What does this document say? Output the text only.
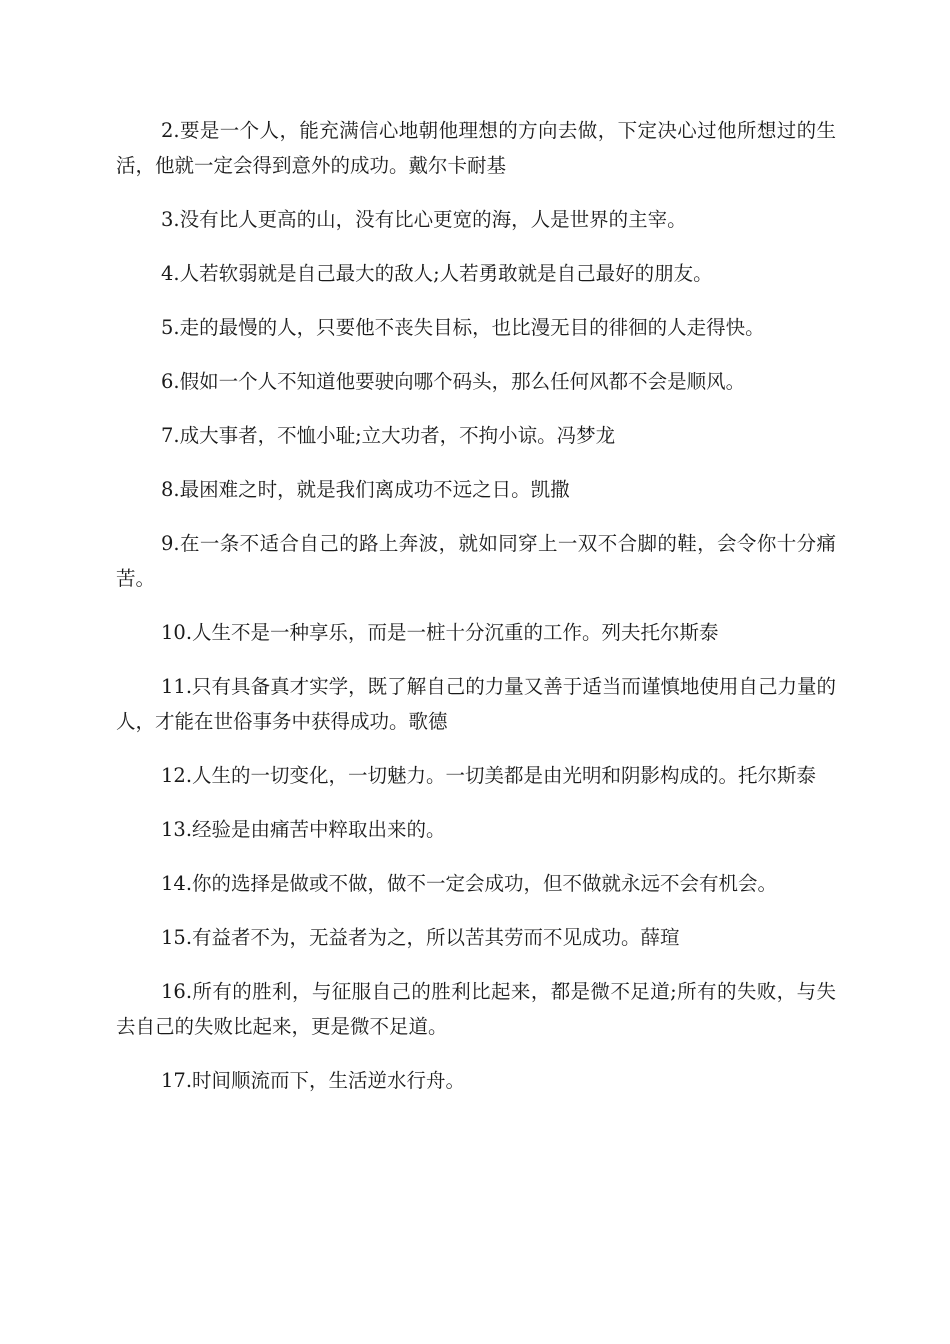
2.要是一个人，能充满信心地朝他理想的方向去做，下定决心过他所想过的生活，他就一定会得到意外的成功。戴尔卡耐基

3.没有比人更高的山，没有比心更宽的海，人是世界的主宰。

4.人若软弱就是自己最大的敌人;人若勇敢就是自己最好的朋友。

5.走的最慢的人，只要他不丧失目标，也比漫无目的徘徊的人走得快。

6.假如一个人不知道他要驶向哪个码头，那么任何风都不会是顺风。

7.成大事者，不恤小耻;立大功者，不拘小谅。冯梦龙

8.最困难之时，就是我们离成功不远之日。凯撒

9.在一条不适合自己的路上奔波，就如同穿上一双不合脚的鞋，会令你十分痛苦。

10.人生不是一种享乐，而是一桩十分沉重的工作。列夫托尔斯泰

11.只有具备真才实学，既了解自己的力量又善于适当而谨慎地使用自己力量的人，才能在世俗事务中获得成功。歌德

12.人生的一切变化，一切魅力。一切美都是由光明和阴影构成的。托尔斯泰

13.经验是由痛苦中粹取出来的。

14.你的选择是做或不做，做不一定会成功，但不做就永远不会有机会。

15.有益者不为，无益者为之，所以苦其劳而不见成功。薛瑄

16.所有的胜利，与征服自己的胜利比起来，都是微不足道;所有的失败，与失去自己的失败比起来，更是微不足道。

17.时间顺流而下，生活逆水行舟。
